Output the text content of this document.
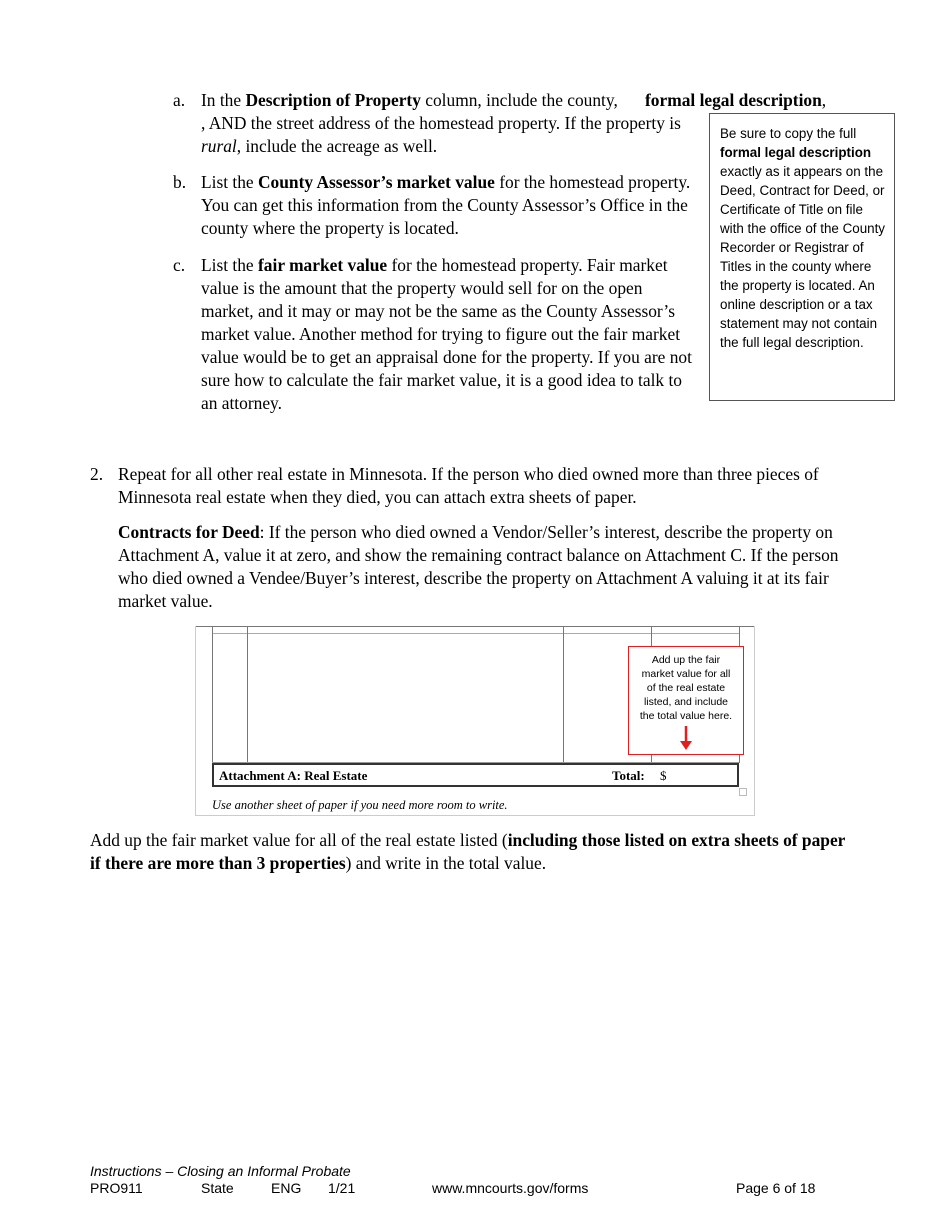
a. In the Description of Property column, include the county,	formal legal description,
, AND the street address of the homestead property. If the property is rural, include the acreage as well.
b. List the County Assessor’s market value for the homestead property. You can get this information from the County Assessor’s Office in the county where the property is located.
c. List the fair market value for the homestead property. Fair market value is the amount that the property would sell for on the open market, and it may or may not be the same as the County Assessor’s market value. Another method for trying to figure out the fair market value would be to get an appraisal done for the property. If you are not sure how to calculate the fair market value, it is a good idea to talk to an attorney.
Be sure to copy the full formal legal description exactly as it appears on the Deed, Contract for Deed, or Certificate of Title on file with the office of the County Recorder or Registrar of Titles in the county where the property is located. An online description or a tax statement may not contain the full legal description.
2. Repeat for all other real estate in Minnesota. If the person who died owned more than three pieces of Minnesota real estate when they died, you can attach extra sheets of paper.
Contracts for Deed: If the person who died owned a Vendor/Seller’s interest, describe the property on Attachment A, value it at zero, and show the remaining contract balance on Attachment C. If the person who died owned a Vendee/Buyer’s interest, describe the property on Attachment A valuing it at its fair market value.
Add up the fair market value for all of the real estate listed, and include the total value here.
Attachment A: Real Estate	Total: $
Use another sheet of paper if you need more room to write.
Add up the fair market value for all of the real estate listed (including those listed on extra sheets of paper if there are more than 3 properties) and write in the total value.
Instructions – Closing an Informal Probate
PRO911	State	ENG 1/21	www.mncourts.gov/forms	Page 6 of 18
